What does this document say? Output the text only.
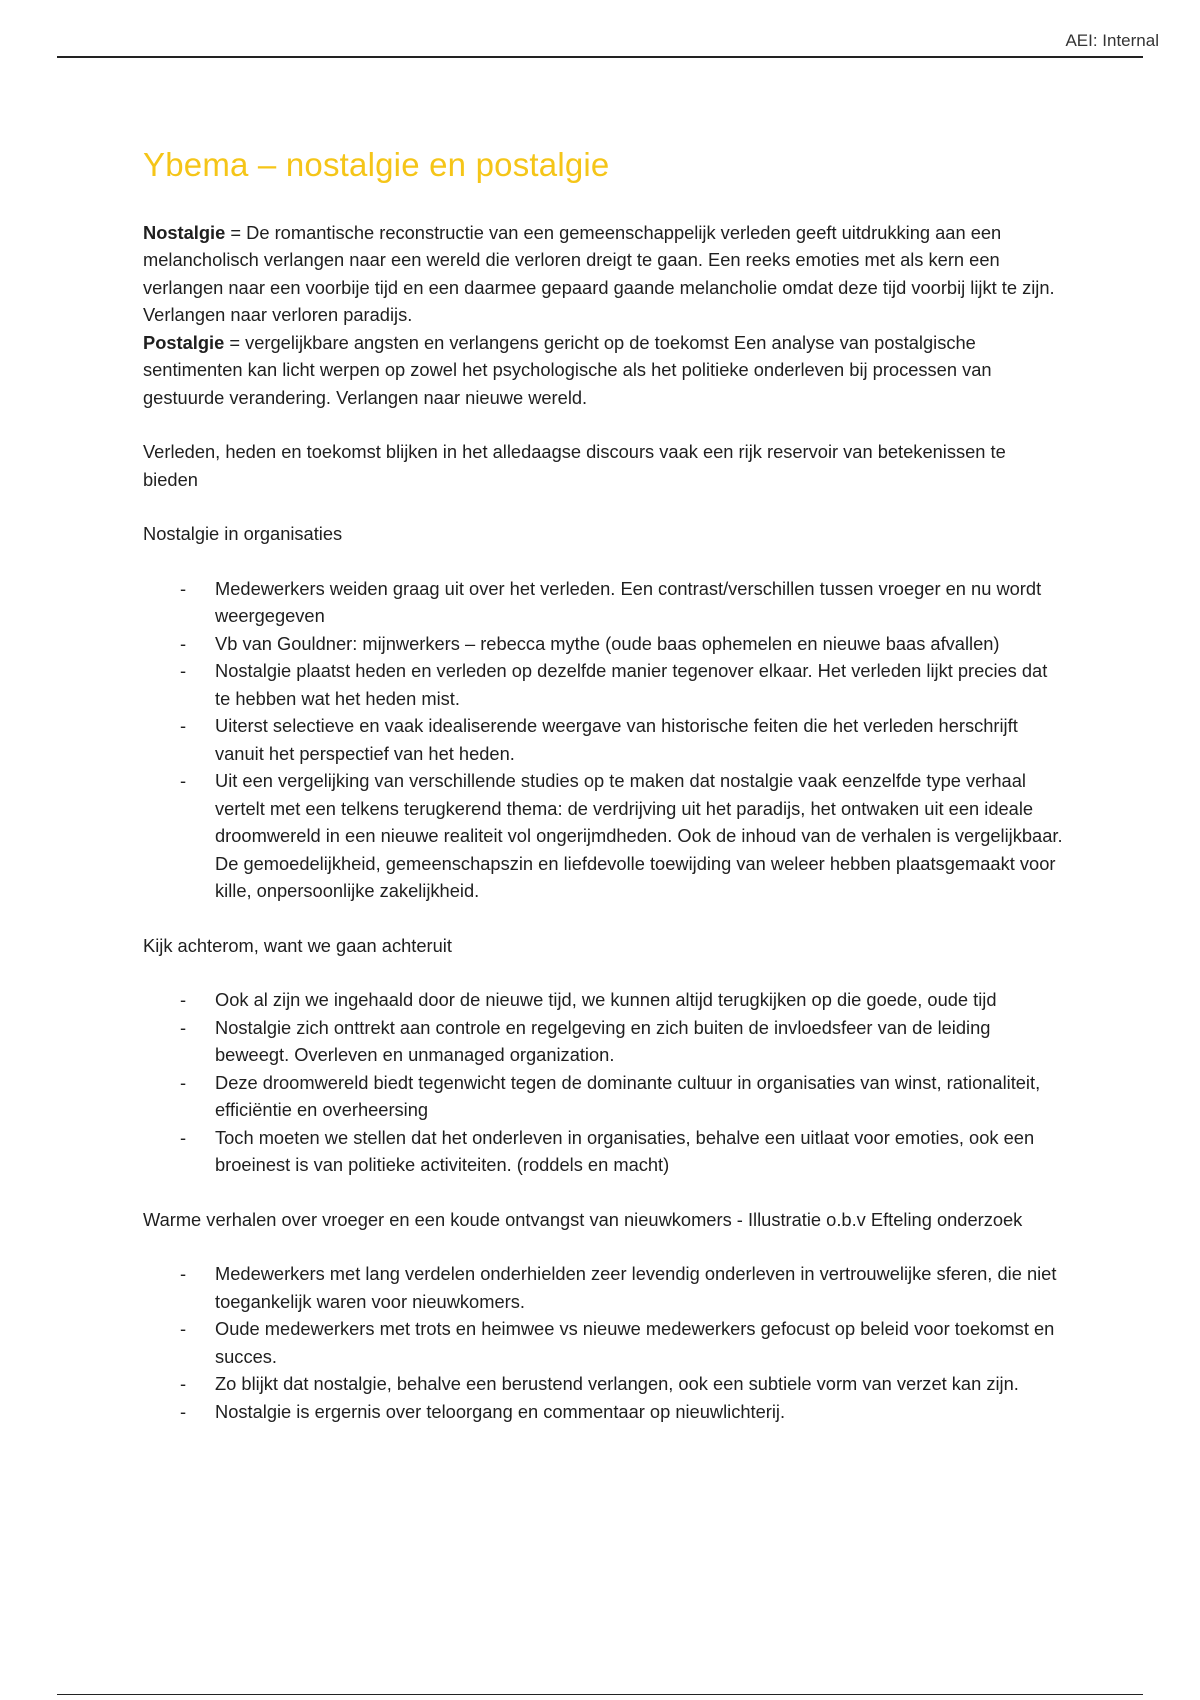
AEI: Internal
Ybema – nostalgie en postalgie

Nostalgie = De romantische reconstructie van een gemeenschappelijk verleden geeft uitdrukking aan een melancholisch verlangen naar een wereld die verloren dreigt te gaan. Een reeks emoties met als kern een verlangen naar een voorbije tijd en een daarmee gepaard gaande melancholie omdat deze tijd voorbij lijkt te zijn. Verlangen naar verloren paradijs.

Postalgie = vergelijkbare angsten en verlangens gericht op de toekomst Een analyse van postalgische sentimenten kan licht werpen op zowel het psychologische als het politieke onderleven bij processen van gestuurde verandering. Verlangen naar nieuwe wereld.

Verleden, heden en toekomst blijken in het alledaagse discours vaak een rijk reservoir van betekenissen te bieden

Nostalgie in organisaties

- Medewerkers weiden graag uit over het verleden. Een contrast/verschillen tussen vroeger en nu wordt weergegeven
- Vb van Gouldner: mijnwerkers – rebecca mythe (oude baas ophemelen en nieuwe baas afvallen)
- Nostalgie plaatst heden en verleden op dezelfde manier tegenover elkaar. Het verleden lijkt precies dat te hebben wat het heden mist.
- Uiterst selectieve en vaak idealiserende weergave van historische feiten die het verleden herschrijft vanuit het perspectief van het heden.
- Uit een vergelijking van verschillende studies op te maken dat nostalgie vaak eenzelfde type verhaal vertelt met een telkens terugkerend thema: de verdrijving uit het paradijs, het ontwaken uit een ideale droomwereld in een nieuwe realiteit vol ongerijmdheden. Ook de inhoud van de verhalen is vergelijkbaar. De gemoedelijkheid, gemeenschapszin en liefdevolle toewijding van weleer hebben plaatsgemaakt voor kille, onpersoonlijke zakelijkheid.

Kijk achterom, want we gaan achteruit

- Ook al zijn we ingehaald door de nieuwe tijd, we kunnen altijd terugkijken op die goede, oude tijd
- Nostalgie zich onttrekt aan controle en regelgeving en zich buiten de invloedsfeer van de leiding beweegt. Overleven en unmanaged organization.
- Deze droomwereld biedt tegenwicht tegen de dominante cultuur in organisaties van winst, rationaliteit, efficiëntie en overheersing
- Toch moeten we stellen dat het onderleven in organisaties, behalve een uitlaat voor emoties, ook een broeinest is van politieke activiteiten. (roddels en macht)

Warme verhalen over vroeger en een koude ontvangst van nieuwkomers - Illustratie o.b.v Efteling onderzoek

- Medewerkers met lang verdelen onderhielden zeer levendig onderleven in vertrouwelijke sferen, die niet toegankelijk waren voor nieuwkomers.
- Oude medewerkers met trots en heimwee vs nieuwe medewerkers gefocust op beleid voor toekomst en succes.
- Zo blijkt dat nostalgie, behalve een berustend verlangen, ook een subtiele vorm van verzet kan zijn.
- Nostalgie is ergernis over teloorgang en commentaar op nieuwlichterij.
